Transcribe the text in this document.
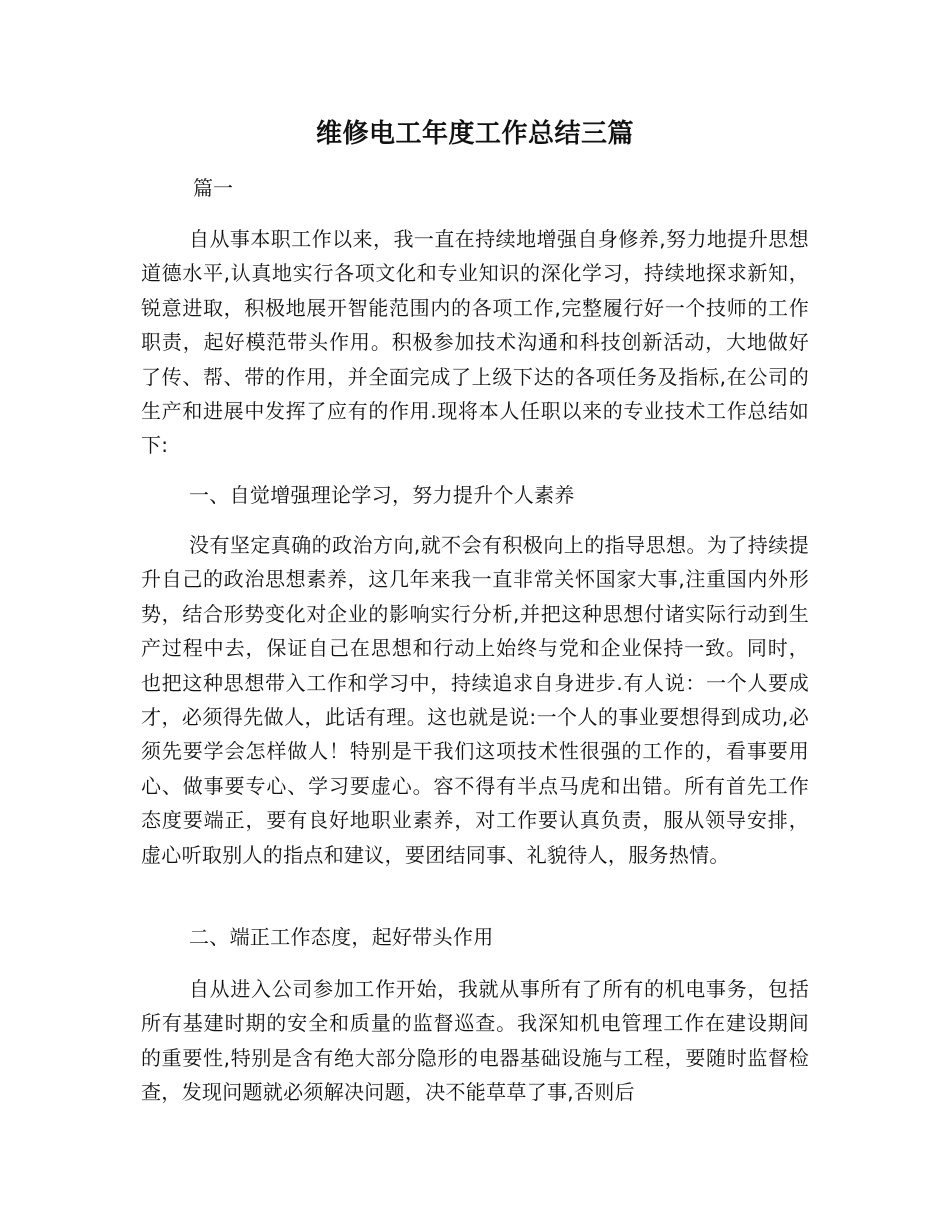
维修电工年度工作总结三篇
篇一

自从事本职工作以来，我一直在持续地增强自身修养,努力地提升思想道德水平,认真地实行各项文化和专业知识的深化学习，持续地探求新知，锐意进取，积极地展开智能范围内的各项工作,完整履行好一个技师的工作职责，起好模范带头作用。积极参加技术沟通和科技创新活动，大地做好了传、帮、带的作用，并全面完成了上级下达的各项任务及指标,在公司的生产和进展中发挥了应有的作用.现将本人任职以来的专业技术工作总结如下:

一、自觉增强理论学习，努力提升个人素养

没有坚定真确的政治方向,就不会有积极向上的指导思想。为了持续提升自己的政治思想素养，这几年来我一直非常关怀国家大事,注重国内外形势，结合形势变化对企业的影响实行分析,并把这种思想付诸实际行动到生产过程中去，保证自己在思想和行动上始终与党和企业保持一致。同时，也把这种思想带入工作和学习中，持续追求自身进步.有人说：一个人要成才，必须得先做人，此话有理。这也就是说:一个人的事业要想得到成功,必须先要学会怎样做人！特别是干我们这项技术性很强的工作的，看事要用心、做事要专心、学习要虚心。容不得有半点马虎和出错。所有首先工作态度要端正，要有良好地职业素养，对工作要认真负责，服从领导安排，虚心听取别人的指点和建议，要团结同事、礼貌待人，服务热情。

二、端正工作态度，起好带头作用

自从进入公司参加工作开始，我就从事所有了所有的机电事务，包括所有基建时期的安全和质量的监督巡查。我深知机电管理工作在建设期间的重要性,特别是含有绝大部分隐形的电器基础设施与工程，要随时监督检查，发现问题就必须解决问题，决不能草草了事,否则后
